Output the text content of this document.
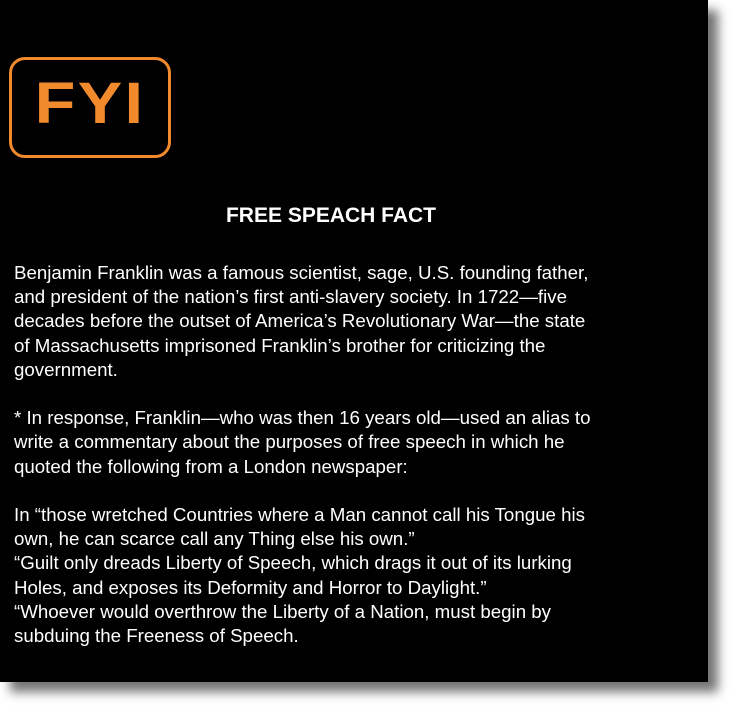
FYI
FREE SPEACH FACT

Benjamin Franklin was a famous scientist, sage, U.S. founding father,
and president of the nation’s first anti-slavery society. In 1722—five
decades before the outset of America’s Revolutionary War—the state
of Massachusetts imprisoned Franklin’s brother for criticizing the
government.

* In response, Franklin—who was then 16 years old—used an alias to
write a commentary about the purposes of free speech in which he
quoted the following from a London newspaper:

In “those wretched Countries where a Man cannot call his Tongue his
own, he can scarce call any Thing else his own.”
“Guilt only dreads Liberty of Speech, which drags it out of its lurking
Holes, and exposes its Deformity and Horror to Daylight.”
“Whoever would overthrow the Liberty of a Nation, must begin by
subduing the Freeness of Speech.
